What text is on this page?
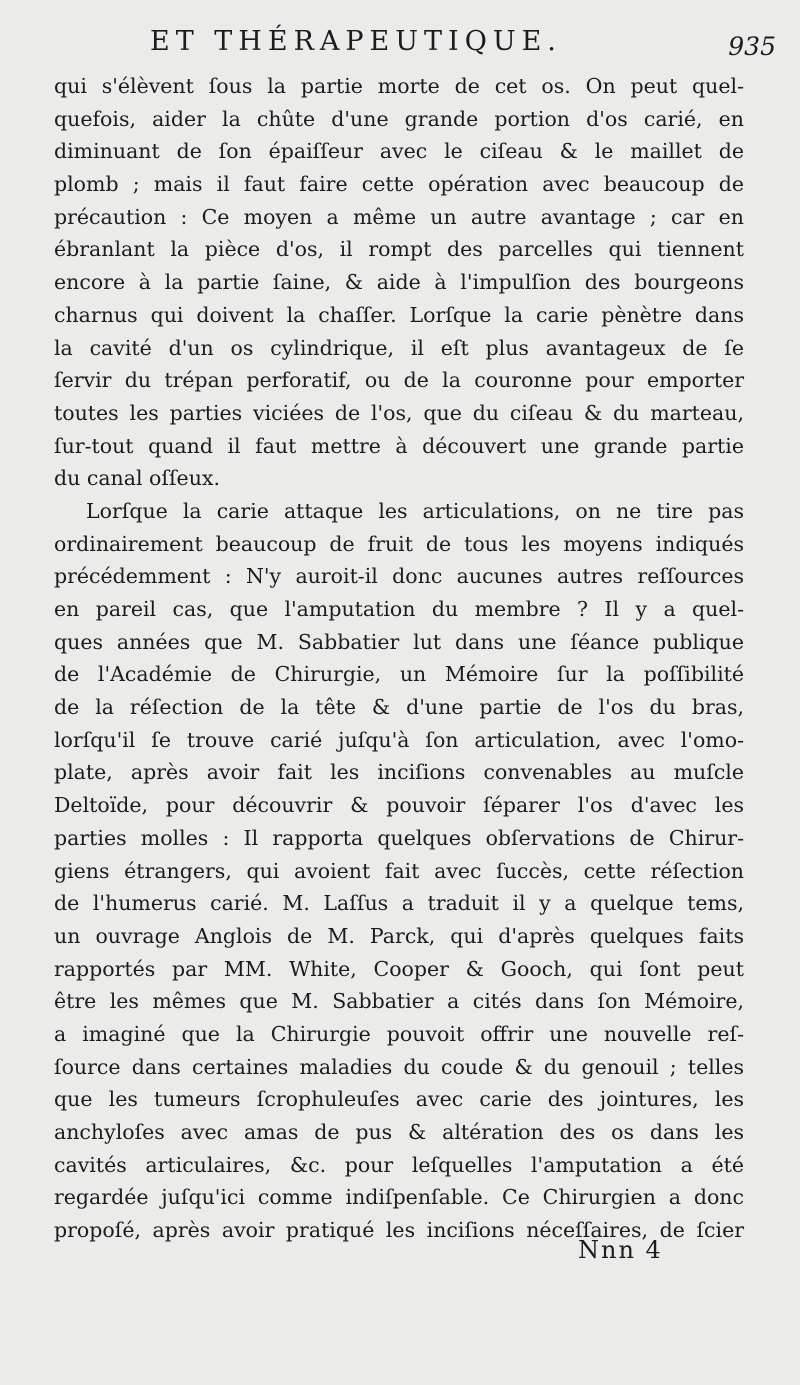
ET THÉRAPEUTIQUE.	935
qui s'élèvent ſous la partie morte de cet os. On peut quel-
quefois, aider la chûte d'une grande portion d'os carié, en
diminuant de ſon épaiſſeur avec le ciſeau & le maillet de
plomb ; mais il faut faire cette opération avec beaucoup de
précaution : Ce moyen a même un autre avantage ; car en
ébranlant la pièce d'os, il rompt des parcelles qui tiennent
encore à la partie ſaine, & aide à l'impulſion des bourgeons
charnus qui doivent la chaſſer. Lorſque la carie pènètre dans
la cavité d'un os cylindrique, il eſt plus avantageux de ſe
ſervir du trépan perforatif, ou de la couronne pour emporter
toutes les parties viciées de l'os, que du ciſeau & du marteau,
ſur-tout quand il faut mettre à découvert une grande partie
du canal oſſeux.
Lorſque la carie attaque les articulations, on ne tire pas
ordinairement beaucoup de fruit de tous les moyens indiqués
précédemment : N'y auroit-il donc aucunes autres reſſources
en pareil cas, que l'amputation du membre ? Il y a quel-
ques années que M. Sabbatier lut dans une ſéance publique
de l'Académie de Chirurgie, un Mémoire ſur la poſſibilité
de la réſection de la tête & d'une partie de l'os du bras,
lorſqu'il ſe trouve carié juſqu'à ſon articulation, avec l'omo-
plate, après avoir fait les inciſions convenables au muſcle
Deltoïde, pour découvrir & pouvoir ſéparer l'os d'avec les
parties molles : Il rapporta quelques obſervations de Chirur-
giens étrangers, qui avoient fait avec ſuccès, cette réſection
de l'humerus carié. M. Laſſus a traduit il y a quelque tems,
un ouvrage Anglois de M. Parck, qui d'après quelques faits
rapportés par MM. White, Cooper & Gooch, qui ſont peut
être les mêmes que M. Sabbatier a cités dans ſon Mémoire,
a imaginé que la Chirurgie pouvoit offrir une nouvelle reſ-
ſource dans certaines maladies du coude & du genouil ; telles
que les tumeurs ſcrophuleuſes avec carie des jointures, les
anchyloſes avec amas de pus & altération des os dans les
cavités articulaires, &c. pour leſquelles l'amputation a été
regardée juſqu'ici comme indiſpenſable. Ce Chirurgien a donc
propoſé, après avoir pratiqué les inciſions néceſſaires, de ſcier
Nnn 4
